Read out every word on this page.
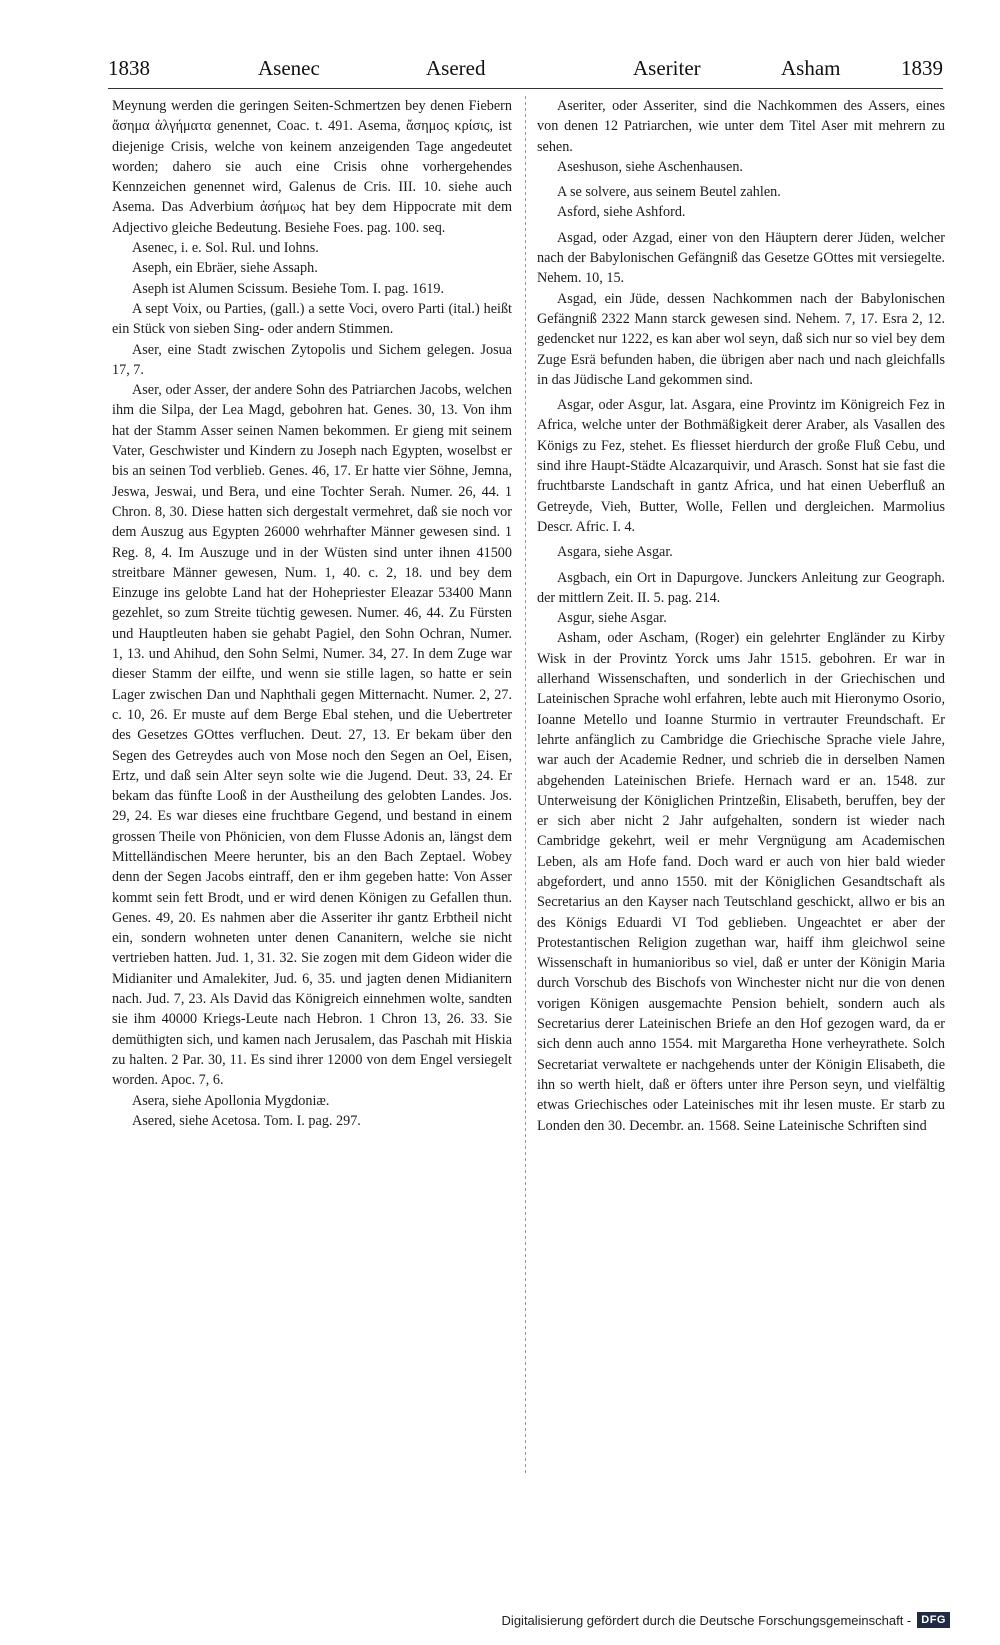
1838	Asenec	Asered	Aseriter	Asham	1839

Meynung werden die geringen Seiten-Schmertzen bey denen Fiebern ἄσημα ἀλγήματα genennet, Coac. t. 491. Asema, ἄσημος κρίσις, ist diejenige Crisis, welche von keinem anzeigenden Tage angedeutet worden; dahero sie auch eine Crisis ohne vorhergehendes Kennzeichen genennet wird, Galenus de Cris. III. 10. siehe auch Asema. Das Adverbium ἀσήμως hat bey dem Hippocrate mit dem Adjectivo gleiche Bedeutung. Besiehe Foes. pag. 100. seq.

Asenec, i. e. Sol. Rul. und Iohns.

Aseph, ein Ebräer, siehe Assaph.

Aseph ist Alumen Scissum. Besiehe Tom. I. pag. 1619.

A sept Voix, ou Parties, (gall.) a sette Voci, overo Parti (ital.) heißt ein Stück von sieben Sing- oder andern Stimmen.

Aser, eine Stadt zwischen Zytopolis und Sichem gelegen. Josua 17, 7.

Aser, oder Asser, der andere Sohn des Patriarchen Jacobs, welchen ihm die Silpa, der Lea Magd, gebohren hat. Genes. 30, 13. Von ihm hat der Stamm Asser seinen Namen bekommen. Er gieng mit seinem Vater, Geschwister und Kindern zu Joseph nach Egypten, woselbst er bis an seinen Tod verblieb. Genes. 46, 17. Er hatte vier Söhne, Jemna, Jeswa, Jeswai, und Bera, und eine Tochter Serah. Numer. 26, 44. 1 Chron. 8, 30. Diese hatten sich dergestalt vermehret, daß sie noch vor dem Auszug aus Egypten 26000 wehrhafter Männer gewesen sind. 1 Reg. 8, 4. Im Auszuge und in der Wüsten sind unter ihnen 41500 streitbare Männer gewesen, Num. 1, 40. c. 2, 18. und bey dem Einzuge ins gelobte Land hat der Hohepriester Eleazar 53400 Mann gezehlet, so zum Streite tüchtig gewesen. Numer. 46, 44. Zu Fürsten und Hauptleuten haben sie gehabt Pagiel, den Sohn Ochran, Numer. 1, 13. und Ahihud, den Sohn Selmi, Numer. 34, 27. In dem Zuge war dieser Stamm der eilfte, und wenn sie stille lagen, so hatte er sein Lager zwischen Dan und Naphthali gegen Mitternacht. Numer. 2, 27. c. 10, 26. Er muste auf dem Berge Ebal stehen, und die Uebertreter des Gesetzes GOttes verfluchen. Deut. 27, 13. Er bekam über den Segen des Getreydes auch von Mose noch den Segen an Oel, Eisen, Ertz, und daß sein Alter seyn solte wie die Jugend. Deut. 33, 24. Er bekam das fünfte Looß in der Austheilung des gelobten Landes. Jos. 29, 24. Es war dieses eine fruchtbare Gegend, und bestand in einem grossen Theile von Phönicien, von dem Flusse Adonis an, längst dem Mittelländischen Meere herunter, bis an den Bach Zeptael. Wobey denn der Segen Jacobs eintraff, den er ihm gegeben hatte: Von Asser kommt sein fett Brodt, und er wird denen Königen zu Gefallen thun. Genes. 49, 20. Es nahmen aber die Asseriter ihr gantz Erbtheil nicht ein, sondern wohneten unter denen Cananitern, welche sie nicht vertrieben hatten. Jud. 1, 31. 32. Sie zogen mit dem Gideon wider die Midianiter und Amalekiter, Jud. 6, 35. und jagten denen Midianitern nach. Jud. 7, 23. Als David das Königreich einnehmen wolte, sandten sie ihm 40000 Kriegs-Leute nach Hebron. 1 Chron 13, 26. 33. Sie demüthigten sich, und kamen nach Jerusalem, das Paschah mit Hiskia zu halten. 2 Par. 30, 11. Es sind ihrer 12000 von dem Engel versiegelt worden. Apoc. 7, 6.

Asera, siehe Apollonia Mygdoniæ.

Asered, siehe Acetosa. Tom. I. pag. 297.

Aseriter, oder Asseriter, sind die Nachkommen des Assers, eines von denen 12 Patriarchen, wie unter dem Titel Aser mit mehrern zu sehen.

Aseshuson, siehe Aschenhausen.

A se solvere, aus seinem Beutel zahlen.

Asford, siehe Ashford.

Asgad, oder Azgad, einer von den Häuptern derer Jüden, welcher nach der Babylonischen Gefängniß das Gesetze GOttes mit versiegelte. Nehem. 10, 15.

Asgad, ein Jüde, dessen Nachkommen nach der Babylonischen Gefängniß 2322 Mann starck gewesen sind. Nehem. 7, 17. Esra 2, 12. gedencket nur 1222, es kan aber wol seyn, daß sich nur so viel bey dem Zuge Esrä befunden haben, die übrigen aber nach und nach gleichfalls in das Jüdische Land gekommen sind.

Asgar, oder Asgur, lat. Asgara, eine Provintz im Königreich Fez in Africa, welche unter der Bothmäßigkeit derer Araber, als Vasallen des Königs zu Fez, stehet. Es fliesset hierdurch der große Fluß Cebu, und sind ihre Haupt-Städte Alcazarquivir, und Arasch. Sonst hat sie fast die fruchtbarste Landschaft in gantz Africa, und hat einen Ueberfluß an Getreyde, Vieh, Butter, Wolle, Fellen und dergleichen. Marmolius Descr. Afric. I. 4.

Asgara, siehe Asgar.

Asgbach, ein Ort in Dapurgove. Junckers Anleitung zur Geograph. der mittlern Zeit. II. 5. pag. 214.

Asgur, siehe Asgar.

Asham, oder Ascham, (Roger) ein gelehrter Engländer zu Kirby Wisk in der Provintz Yorck ums Jahr 1515. gebohren. Er war in allerhand Wissenschaften, und sonderlich in der Griechischen und Lateinischen Sprache wohl erfahren, lebte auch mit Hieronymo Osorio, Ioanne Metello und Ioanne Sturmio in vertrauter Freundschaft. Er lehrte anfänglich zu Cambridge die Griechische Sprache viele Jahre, war auch der Academie Redner, und schrieb die in derselben Namen abgehenden Lateinischen Briefe. Hernach ward er an. 1548. zur Unterweisung der Königlichen Printzeßin, Elisabeth, beruffen, bey der er sich aber nicht 2 Jahr aufgehalten, sondern ist wieder nach Cambridge gekehrt, weil er mehr Vergnügung am Academischen Leben, als am Hofe fand. Doch ward er auch von hier bald wieder abgefordert, und anno 1550. mit der Königlichen Gesandtschaft als Secretarius an den Kayser nach Teutschland geschickt, allwo er bis an des Königs Eduardi VI Tod geblieben. Ungeachtet er aber der Protestantischen Religion zugethan war, haiff ihm gleichwol seine Wissenschaft in humanioribus so viel, daß er unter der Königin Maria durch Vorschub des Bischofs von Winchester nicht nur die von denen vorigen Königen ausgemachte Pension behielt, sondern auch als Secretarius derer Lateinischen Briefe an den Hof gezogen ward, da er sich denn auch anno 1554. mit Margaretha Hone verheyrathete. Solch Secretariat verwaltete er nachgehends unter der Königin Elisabeth, die ihn so werth hielt, daß er öfters unter ihre Person seyn, und vielfältig etwas Griechisches oder Lateinisches mit ihr lesen muste. Er starb zu Londen den 30. Decembr. an. 1568. Seine Lateinische Schriften sind

Digitalisierung gefördert durch die Deutsche Forschungsgemeinschaft - DFG
